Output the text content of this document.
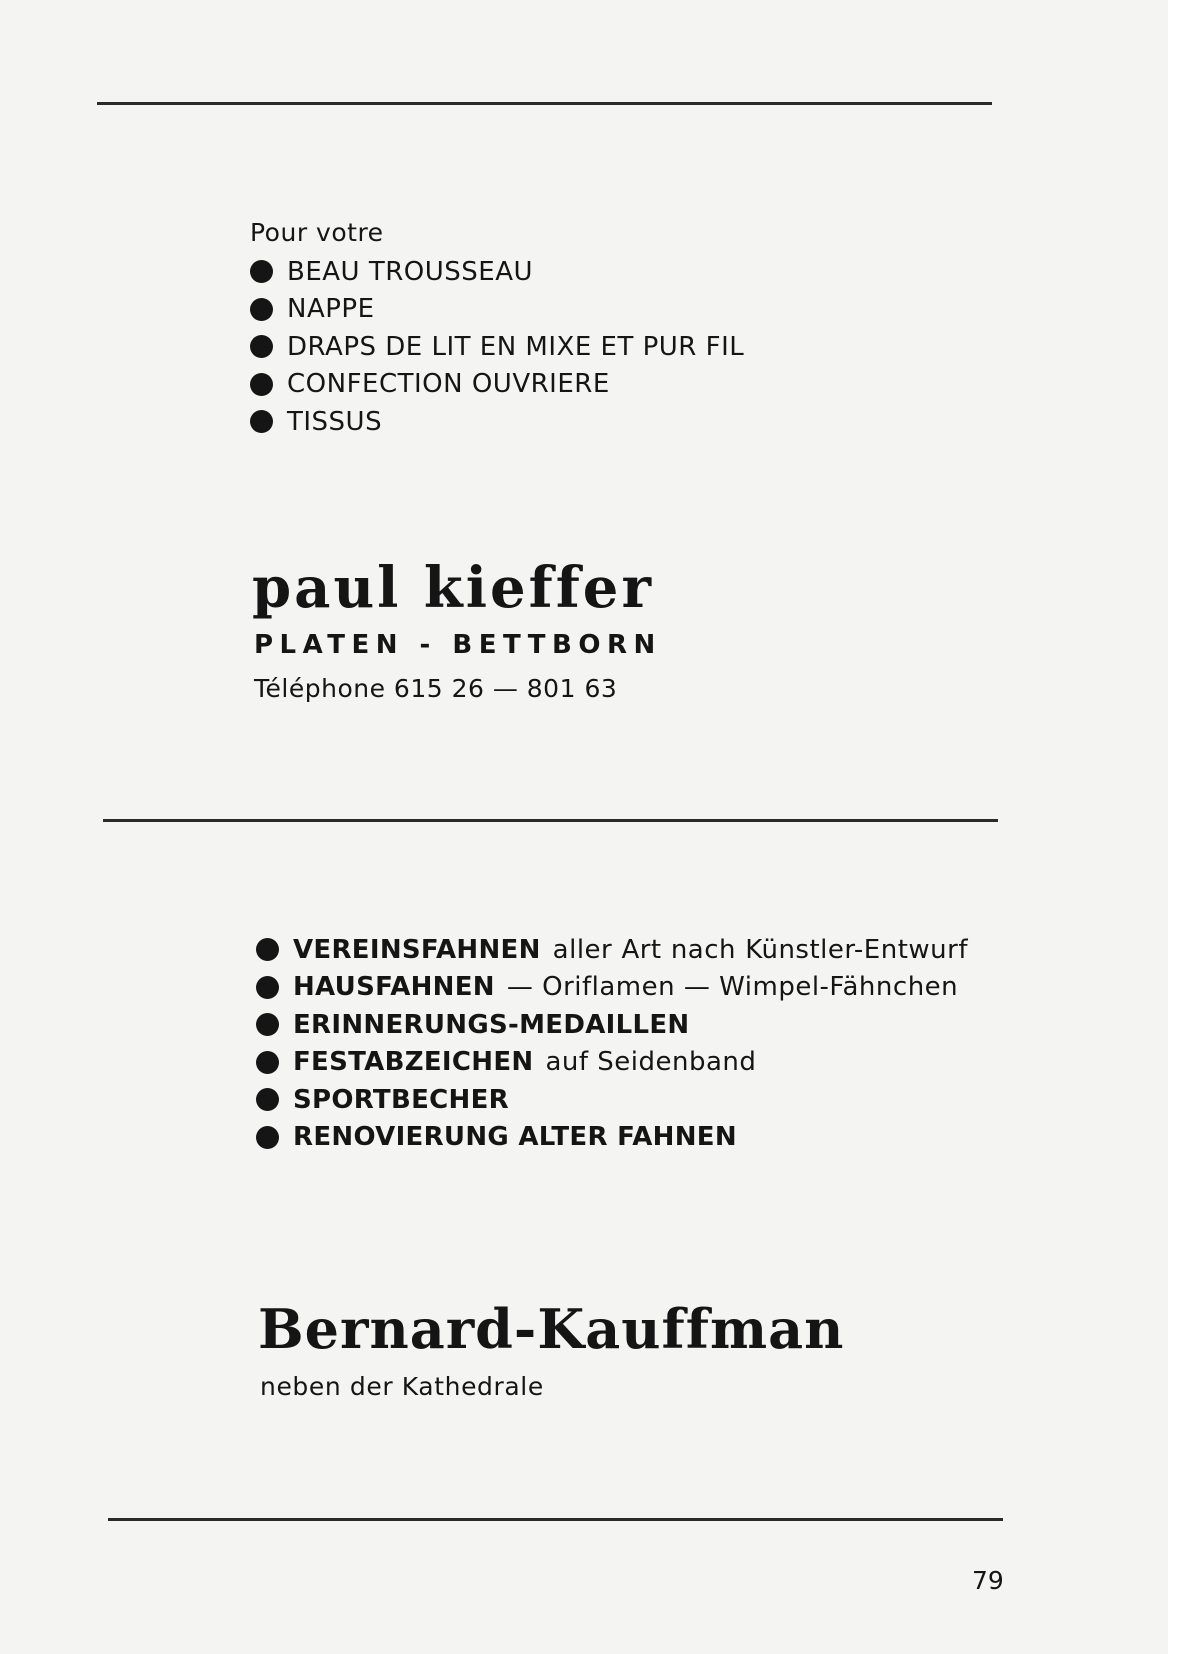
Pour votre

BEAU TROUSSEAU
NAPPE
DRAPS DE LIT EN MIXE ET PUR FIL
CONFECTION OUVRIERE
TISSUS
paul kieffer
PLATEN - BETTBORN
Téléphone 615 26 — 801 63
VEREINSFAHNEN aller Art nach Künstler-Entwurf
HAUSFAHNEN — Oriflamen — Wimpel-Fähnchen
ERINNERUNGS-MEDAILLEN
FESTABZEICHEN auf Seidenband
SPORTBECHER
RENOVIERUNG ALTER FAHNEN
Bernard-Kauffman
neben der Kathedrale
79
